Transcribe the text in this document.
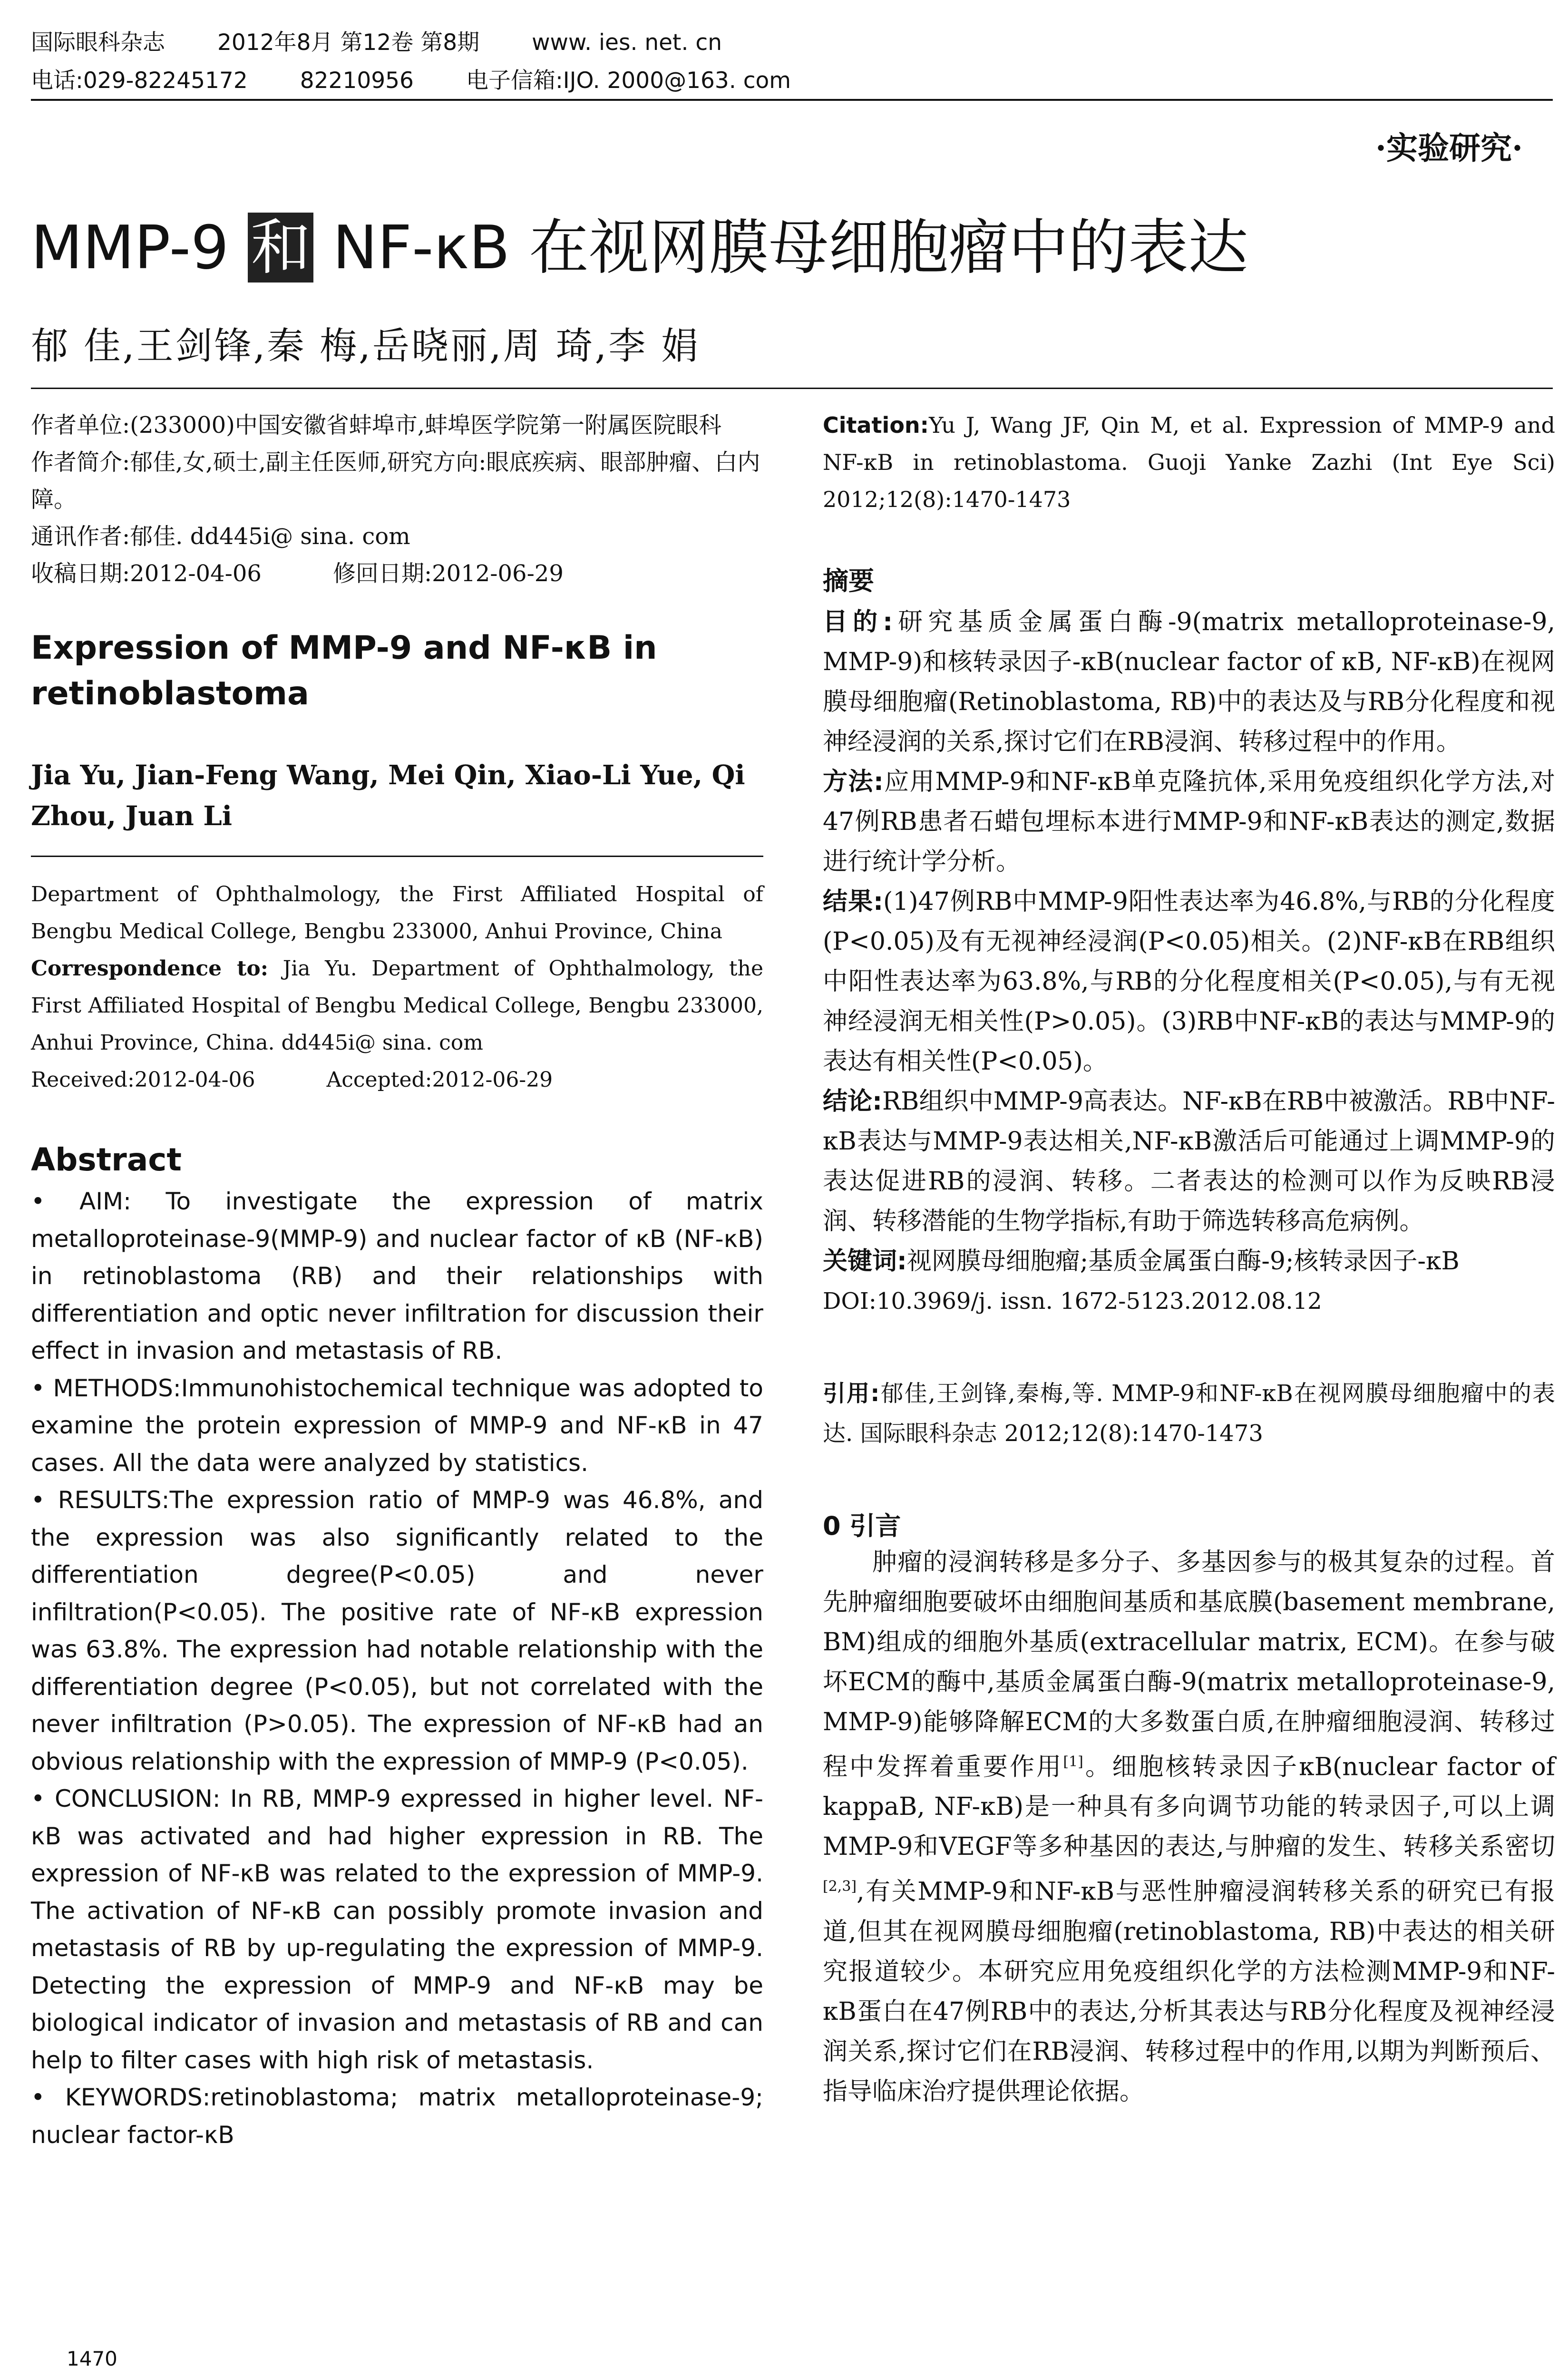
国际眼科杂志 2012年8月 第12卷 第8期 www. ies. net. cn
电话:029-82245172 82210956 电子信箱:IJO. 2000@163. com
·实验研究·
MMP-9 和 NF-κB 在视网膜母细胞瘤中的表达
郁 佳,王剑锋,秦 梅,岳晓丽,周 琦,李 娟

作者单位:(233000)中国安徽省蚌埠市,蚌埠医学院第一附属医院眼科

作者简介:郁佳,女,硕士,副主任医师,研究方向:眼底疾病、眼部肿瘤、白内障。

通讯作者:郁佳. dd445i@ sina. com

收稿日期:2012-04-06	修回日期:2012-06-29

Expression of MMP-9 and NF-κB in retinoblastoma

Jia Yu, Jian-Feng Wang, Mei Qin, Xiao-Li Yue, Qi Zhou, Juan Li

Department of Ophthalmology, the First Affiliated Hospital of Bengbu Medical College, Bengbu 233000, Anhui Province, China

Correspondence to: Jia Yu. Department of Ophthalmology, the First Affiliated Hospital of Bengbu Medical College, Bengbu 233000, Anhui Province, China. dd445i@ sina. com

Received:2012-04-06	Accepted:2012-06-29

Abstract

• AIM: To investigate the expression of matrix metalloproteinase-9(MMP-9) and nuclear factor of κB (NF-κB) in retinoblastoma (RB) and their relationships with differentiation and optic never infiltration for discussion their effect in invasion and metastasis of RB.

• METHODS:Immunohistochemical technique was adopted to examine the protein expression of MMP-9 and NF-κB in 47 cases. All the data were analyzed by statistics.

• RESULTS:The expression ratio of MMP-9 was 46.8%, and the expression was also significantly related to the differentiation degree(P<0.05) and never infiltration(P<0.05). The positive rate of NF-κB expression was 63.8%. The expression had notable relationship with the differentiation degree (P<0.05), but not correlated with the never infiltration (P>0.05). The expression of NF-κB had an obvious relationship with the expression of MMP-9 (P<0.05).

• CONCLUSION: In RB, MMP-9 expressed in higher level. NF-κB was activated and had higher expression in RB. The expression of NF-κB was related to the expression of MMP-9. The activation of NF-κB can possibly promote invasion and metastasis of RB by up-regulating the expression of MMP-9. Detecting the expression of MMP-9 and NF-κB may be biological indicator of invasion and metastasis of RB and can help to filter cases with high risk of metastasis.

• KEYWORDS:retinoblastoma; matrix metalloproteinase-9; nuclear factor-κB

1470

Citation:Yu J, Wang JF, Qin M, et al. Expression of MMP-9 and NF-κB in retinoblastoma. Guoji Yanke Zazhi (Int Eye Sci) 2012;12(8):1470-1473

摘要

目的:研究基质金属蛋白酶-9(matrix metalloproteinase-9, MMP-9)和核转录因子-κB(nuclear factor of κB, NF-κB)在视网膜母细胞瘤(Retinoblastoma, RB)中的表达及与RB分化程度和视神经浸润的关系,探讨它们在RB浸润、转移过程中的作用。

方法:应用MMP-9和NF-κB单克隆抗体,采用免疫组织化学方法,对47例RB患者石蜡包埋标本进行MMP-9和NF-κB表达的测定,数据进行统计学分析。

结果:(1)47例RB中MMP-9阳性表达率为46.8%,与RB的分化程度(P<0.05)及有无视神经浸润(P<0.05)相关。(2)NF-κB在RB组织中阳性表达率为63.8%,与RB的分化程度相关(P<0.05),与有无视神经浸润无相关性(P>0.05)。(3)RB中NF-κB的表达与MMP-9的表达有相关性(P<0.05)。

结论:RB组织中MMP-9高表达。NF-κB在RB中被激活。RB中NF-κB表达与MMP-9表达相关,NF-κB激活后可能通过上调MMP-9的表达促进RB的浸润、转移。二者表达的检测可以作为反映RB浸润、转移潜能的生物学指标,有助于筛选转移高危病例。

关键词:视网膜母细胞瘤;基质金属蛋白酶-9;核转录因子-κB

DOI:10.3969/j. issn. 1672-5123.2012.08.12

引用:郁佳,王剑锋,秦梅,等. MMP-9和NF-κB在视网膜母细胞瘤中的表达. 国际眼科杂志 2012;12(8):1470-1473

0 引言

肿瘤的浸润转移是多分子、多基因参与的极其复杂的过程。首先肿瘤细胞要破坏由细胞间基质和基底膜(basement membrane, BM)组成的细胞外基质(extracellular matrix, ECM)。在参与破坏ECM的酶中,基质金属蛋白酶-9(matrix metalloproteinase-9, MMP-9)能够降解ECM的大多数蛋白质,在肿瘤细胞浸润、转移过程中发挥着重要作用[1]。细胞核转录因子κB(nuclear factor of kappaB, NF-κB)是一种具有多向调节功能的转录因子,可以上调MMP-9和VEGF等多种基因的表达,与肿瘤的发生、转移关系密切[2,3],有关MMP-9和NF-κB与恶性肿瘤浸润转移关系的研究已有报道,但其在视网膜母细胞瘤(retinoblastoma, RB)中表达的相关研究报道较少。本研究应用免疫组织化学的方法检测MMP-9和NF-κB蛋白在47例RB中的表达,分析其表达与RB分化程度及视神经浸润关系,探讨它们在RB浸润、转移过程中的作用,以期为判断预后、指导临床治疗提供理论依据。
